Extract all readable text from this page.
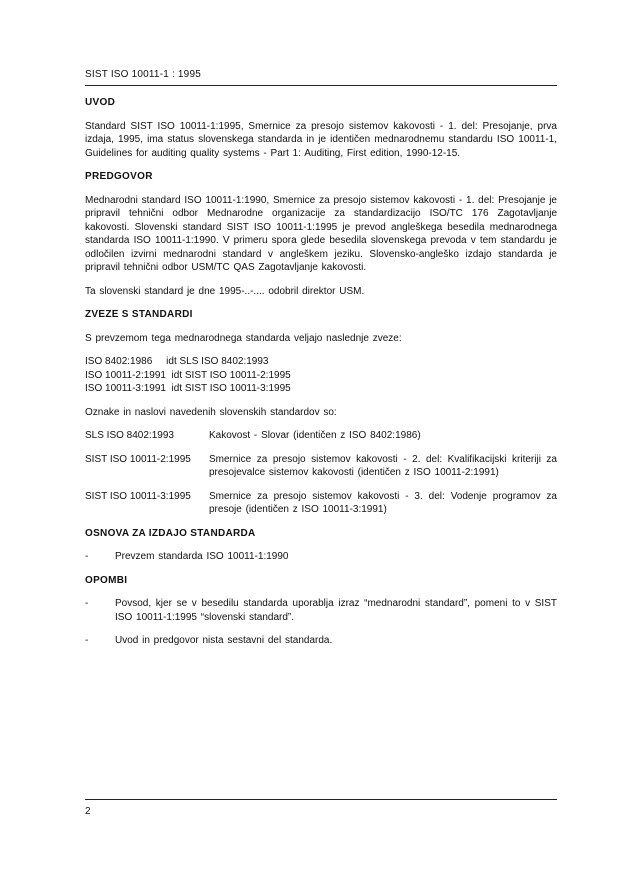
SIST ISO 10011-1 : 1995
UVOD

Standard SIST ISO 10011-1:1995, Smernice za presojo sistemov kakovosti - 1. del: Presojanje, prva izdaja, 1995, ima status slovenskega standarda in je identičen mednarodnemu standardu ISO 10011-1, Guidelines for auditing quality systems - Part 1: Auditing, First edition, 1990-12-15.

PREDGOVOR

Mednarodni standard ISO 10011-1:1990, Smernice za presojo sistemov kakovosti - 1. del: Presojanje je pripravil tehnični odbor Mednarodne organizacije za standardizacijo ISO/TC 176 Zagotavljanje kakovosti. Slovenski standard SIST ISO 10011-1:1995 je prevod angleškega besedila mednarodnega standarda ISO 10011-1:1990. V primeru spora glede besedila slovenskega prevoda v tem standardu je odločilen izvirni mednarodni standard v angleškem jeziku. Slovensko-angleško izdajo standarda je pripravil tehnični odbor USM/TC QAS Zagotavljanje kakovosti.

Ta slovenski standard je dne 1995-..-.... odobril direktor USM.

ZVEZE S STANDARDI

S prevzemom tega mednarodnega standarda veljajo naslednje zveze:

ISO 8402:1986     idt SLS ISO 8402:1993
ISO 10011-2:1991  idt SIST ISO 10011-2:1995
ISO 10011-3:1991  idt SIST ISO 10011-3:1995

Oznake in naslovi navedenih slovenskih standardov so:

SLS ISO 8402:1993	Kakovost - Slovar (identičen z ISO 8402:1986)
SIST ISO 10011-2:1995	Smernice za presojo sistemov kakovosti - 2. del: Kvalifikacijski kriteriji za presojevalce sistemov kakovosti (identičen z ISO 10011-2:1991)
SIST ISO 10011-3:1995	Smernice za presojo sistemov kakovosti - 3. del: Vodenje programov za presoje (identičen z ISO 10011-3:1991)
OSNOVA ZA IZDAJO STANDARDA
-	Prevzem standarda ISO 10011-1:1990
OPOMBI
-	Povsod, kjer se v besedilu standarda uporablja izraz “mednarodni standard”, pomeni to v SIST ISO 10011-1:1995 “slovenski standard”.
-	Uvod in predgovor nista sestavni del standarda.
2
